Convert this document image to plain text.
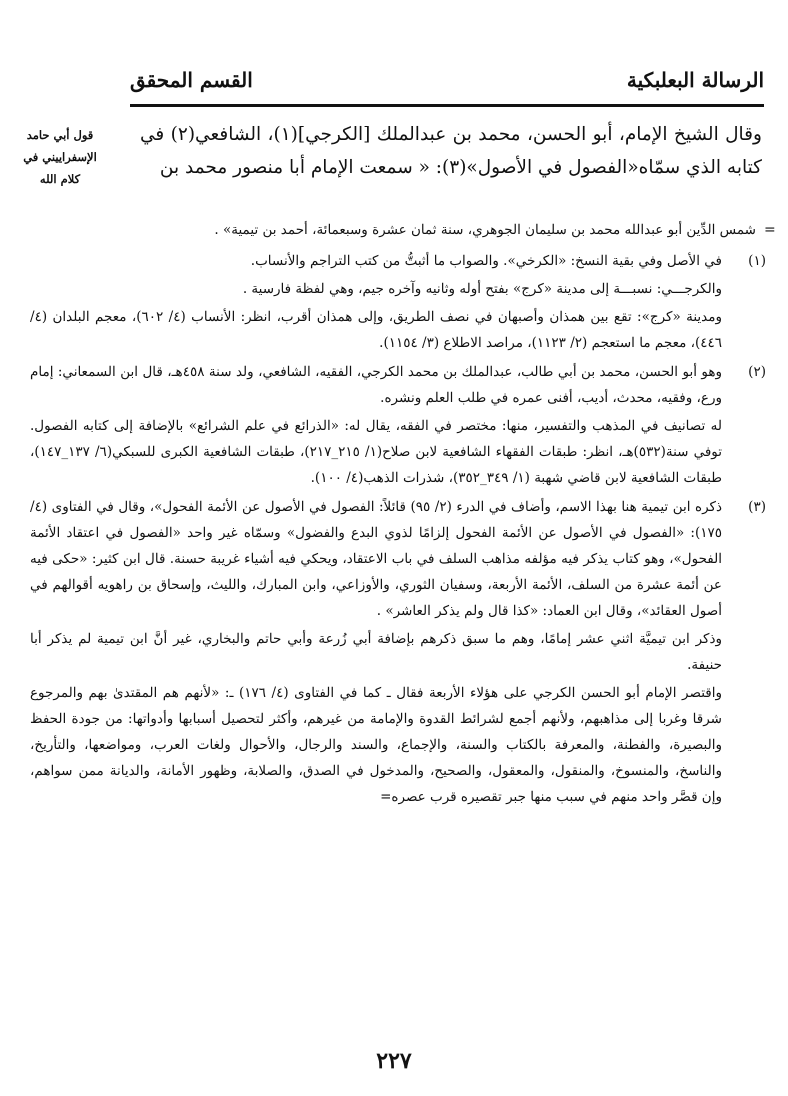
الرسالة البعلبكية
القسم المحقق
قول أبي حامد الإسفراييني في كلام الله
وقال الشيخ الإمام، أبو الحسن، محمد بن عبدالملك [الكرجي](١)، الشافعي(٢) في كتابه الذي سمّاه«الفصول في الأصول»(٣): « سمعت الإمام أبا منصور محمد بن
=
شمس الدِّين أبو عبدالله محمد بن سليمان الجوهري، سنة ثمان عشرة وسبعمائة، أحمد بن تيمية» .
(١)

في الأصل وفي بقية النسخ: «الكرخي». والصواب ما أثبتُّ من كتب التراجم والأنساب.

والكرجـــي: نسبـــة إلى مدينة «كرج» بفتح أوله وثانيه وآخره جيم، وهي لفظة فارسية .

ومدينة «كرج»: تقع بين همذان وأصبهان في نصف الطريق، وإلى همذان أقرب، انظر: الأنساب (٤/ ٦٠٢)، معجم البلدان (٤/ ٤٤٦)، معجم ما استعجم (٢/ ١١٢٣)، مراصد الاطلاع (٣/ ١١٥٤).

(٢)

وهو أبو الحسن، محمد بن أبي طالب، عبدالملك بن محمد الكرجي، الفقيه، الشافعي، ولد سنة ٤٥٨هـ، قال ابن السمعاني: إمام ورع، وفقيه، محدث، أديب، أفنى عمره في طلب العلم ونشره.

له تصانيف في المذهب والتفسير، منها: مختصر في الفقه، يقال له: «الذرائع في علم الشرائع» بالإضافة إلى كتابه الفصول. توفي سنة(٥٣٢)هـ، انظر: طبقات الفقهاء الشافعية لابن صلاح(١/ ٢١٥_٢١٧)، طبقات الشافعية الكبرى للسبكي(٦/ ١٣٧_١٤٧)، طبقات الشافعية لابن قاضي شهبة (١/ ٣٤٩_٣٥٢)، شذرات الذهب(٤/ ١٠٠).

(٣)

ذكره ابن تيمية هنا بهذا الاسم، وأضاف في الدرء (٢/ ٩٥) قائلاً: الفصول في الأصول عن الأئمة الفحول»، وقال في الفتاوى (٤/ ١٧٥): «الفصول في الأصول عن الأئمة الفحول إلزامًا لذوي البدع والفضول» وسمّاه غير واحد «الفصول في اعتقاد الأئمة الفحول»، وهو كتاب يذكر فيه مؤلفه مذاهب السلف في باب الاعتقاد، ويحكي فيه أشياء غريبة حسنة. قال ابن كثير: «حكى فيه عن أئمة عشرة من السلف، الأئمة الأربعة، وسفيان الثوري، والأوزاعي، وابن المبارك، والليث، وإسحاق بن راهويه أقوالهم في أصول العقائد»، وقال ابن العماد: «كذا قال ولم يذكر العاشر» .

وذكر ابن تيميَّة اثني عشر إمامًا، وهم ما سبق ذكرهم بإضافة أبي زُرعة وأبي حاتم والبخاري، غير أنَّ ابن تيمية لم يذكر أبا حنيفة.

واقتصر الإمام أبو الحسن الكرجي على هؤلاء الأربعة فقال ـ كما في الفتاوى (٤/ ١٧٦) ـ: «لأنهم هم المقتدىٰ بهم والمرجوع شرقا وغربا إلى مذاهبهم، ولأنهم أجمع لشرائط القدوة والإمامة من غيرهم، وأكثر لتحصيل أسبابها وأدواتها: من جودة الحفظ والبصيرة، والفطنة، والمعرفة بالكتاب والسنة، والإجماع، والسند والرجال، والأحوال ولغات العرب، ومواضعها، والتأريخ، والناسخ، والمنسوخ، والمنقول، والمعقول، والصحيح، والمدخول في الصدق، والصلابة، وظهور الأمانة، والديانة ممن سواهم، وإن قصَّر واحد منهم في سبب منها جبر تقصيره قرب عصره=

٢٢٧
